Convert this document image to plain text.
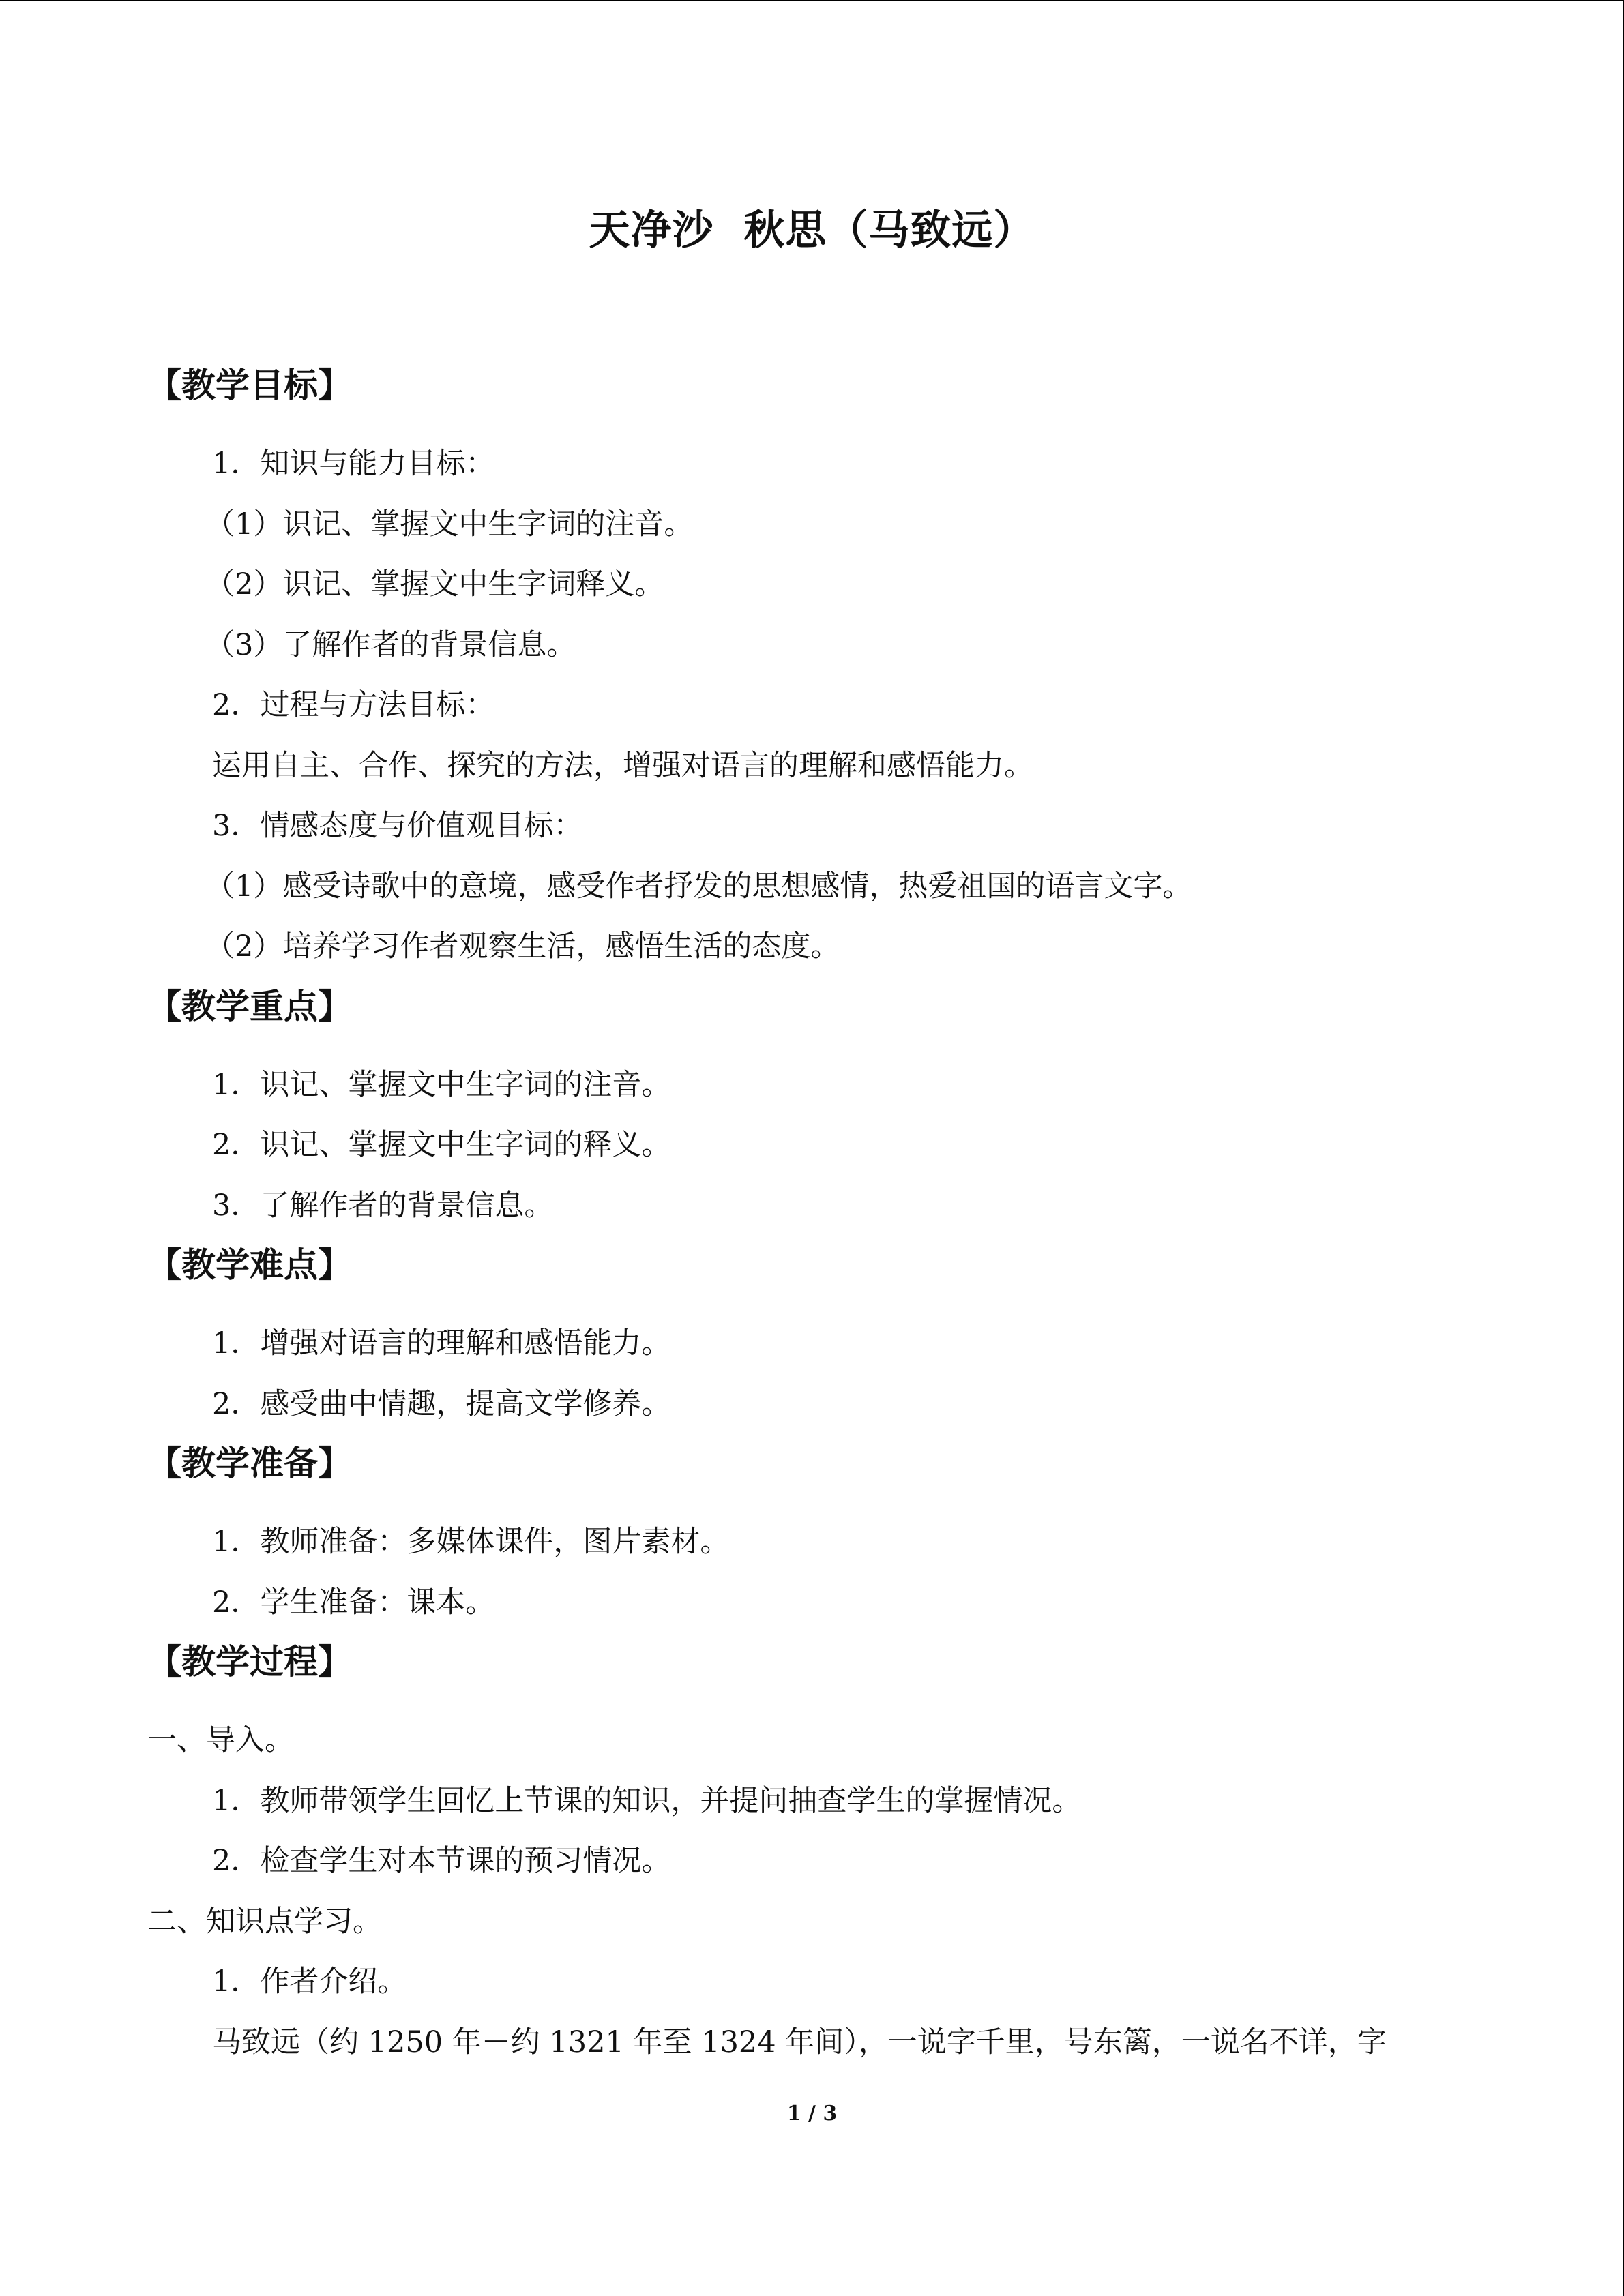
天净沙  秋思（马致远）
【教学目标】
1．知识与能力目标：
（1）识记、掌握文中生字词的注音。
（2）识记、掌握文中生字词释义。
（3）了解作者的背景信息。
2．过程与方法目标：
运用自主、合作、探究的方法，增强对语言的理解和感悟能力。
3．情感态度与价值观目标：
（1）感受诗歌中的意境，感受作者抒发的思想感情，热爱祖国的语言文字。
（2）培养学习作者观察生活，感悟生活的态度。
【教学重点】
1．识记、掌握文中生字词的注音。
2．识记、掌握文中生字词的释义。
3．了解作者的背景信息。
【教学难点】
1．增强对语言的理解和感悟能力。
2．感受曲中情趣，提高文学修养。
【教学准备】
1．教师准备：多媒体课件，图片素材。
2．学生准备：课本。
【教学过程】
一、导入。
1．教师带领学生回忆上节课的知识，并提问抽查学生的掌握情况。
2．检查学生对本节课的预习情况。
二、知识点学习。
1．作者介绍。
马致远（约 1250 年－约 1321 年至 1324 年间），一说字千里，号东篱，一说名不详，字
1 / 3
